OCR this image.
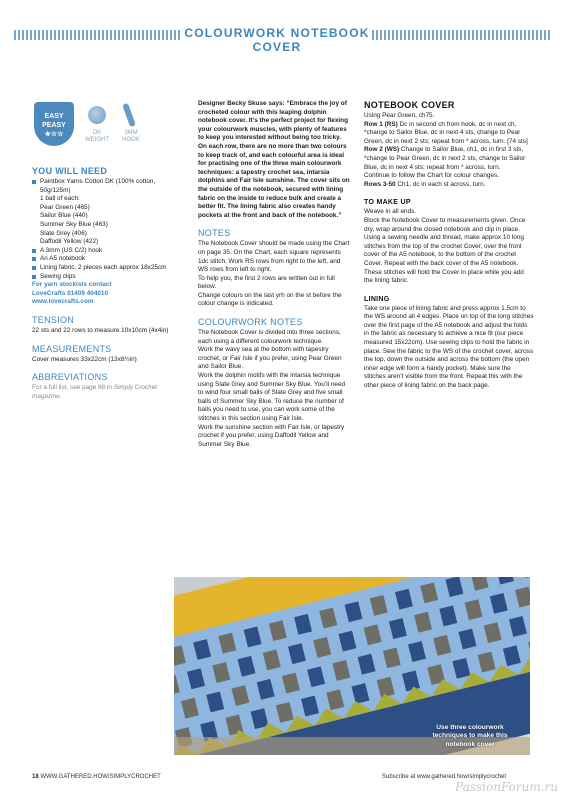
COLOURWORK NOTEBOOK COVER
EASY
PEASY
★☆☆	DK
WEIGHT
3MM
HOOK
YOU WILL NEED
Paintbox Yarns Cotton DK (100% cotton, 50g/125m)
1 ball of each:
Pear Green (465)
Sailor Blue (440)
Summer Sky Blue (463)
Slate Grey (406)
Daffodil Yellow (422)
A 3mm (US C/2) hook
An A5 notebook
Lining fabric, 2 pieces each approx 18x25cm
Sewing clips
For yarn stockists contact
LoveCrafts 01409 404010
www.lovecrafts.com
TENSION
22 sts and 22 rows to measure 10x10cm (4x4in)
MEASUREMENTS
Cover measures 33x22cm (13x8½in)
ABBREVIATIONS
For a full list, see page 88 in Simply Crochet magazine.
Designer Becky Skuse says: “Embrace the joy of crocheted colour with this leaping dolphin notebook cover. It’s the perfect project for flexing your colourwork muscles, with plenty of features to keep you interested without being too tricky. On each row, there are no more than two colours to keep track of, and each colourful area is ideal for practising one of the three main colourwork techniques: a tapestry crochet sea, intarsia dolphins and Fair Isle sunshine. The cover sits on the outside of the notebook, secured with lining fabric on the inside to reduce bulk and create a better fit. The lining fabric also creates handy pockets at the front and back of the notebook.”
NOTES
The Notebook Cover should be made using the Chart on page 35. On the Chart, each square represents 1dc stitch. Work RS rows from right to the left, and WS rows from left to right.
To help you, the first 2 rows are written out in full below.
Change colours on the last yrh on the st before the colour change is indicated.
COLOURWORK NOTES
The Notebook Cover is divided into three sections, each using a different colourwork technique.
Work the wavy sea at the bottom with tapestry crochet, or Fair Isle if you prefer, using Pear Green and Sailor Blue.
Work the dolphin motifs with the intarsia technique using Slate Grey and Summer Sky Blue. You’ll need to wind four small balls of Slate Grey and five small balls of Summer Sky Blue. To reduce the number of balls you need to use, you can work some of the stitches in this section using Fair Isle.
Work the sunshine section with Fair Isle, or tapestry crochet if you prefer, using Daffodil Yellow and Summer Sky Blue.
NOTEBOOK COVER
Using Pear Green, ch75.
Row 1 (RS) Dc in second ch from hook, dc in next ch, *change to Sailor Blue, dc in next 4 sts, change to Pear Green, dc in next 2 sts; repeat from * across, turn. [74 sts]
Row 2 (WS) Change to Sailor Blue, ch1, dc in first 3 sts, *change to Pear Green, dc in next 2 sts, change to Sailor Blue, dc in next 4 sts; repeat from * across, turn.
Continue to follow the Chart for colour changes.
Rows 3-50 Ch1, dc in each st across, turn.
TO MAKE UP
Weave in all ends.
Block the Notebook Cover to measurements given. Once dry, wrap around the closed notebook and clip in place. Using a sewing needle and thread, make approx 10 long stitches from the top of the crochet Cover, over the front cover of the A5 notebook, to the bottom of the crochet Cover. Repeat with the back cover of the A5 notebook. These stitches will hold the Cover in place while you add the lining fabric.
LINING
Take one piece of lining fabric and press approx 1.5cm to the WS around all 4 edges. Place on top of the long stitches over the first page of the A5 notebook and adjust the folds in the fabric as necessary to achieve a nice fit (our piece measured 15x22cm). Use sewing clips to hold the fabric in place. Sew the fabric to the WS of the crochet cover, across the top, down the outside and across the bottom (the open inner edge will form a handy pocket). Make sure the stitches aren’t visible from the front. Repeat this with the other piece of lining fabric on the back page.
Use three colourwork techniques to make this notebook cover
18 WWW.GATHERED.HOW/SIMPLYCROCHET	Subscribe at www.gathered.how/simplycrochet
PassionForum.ru
